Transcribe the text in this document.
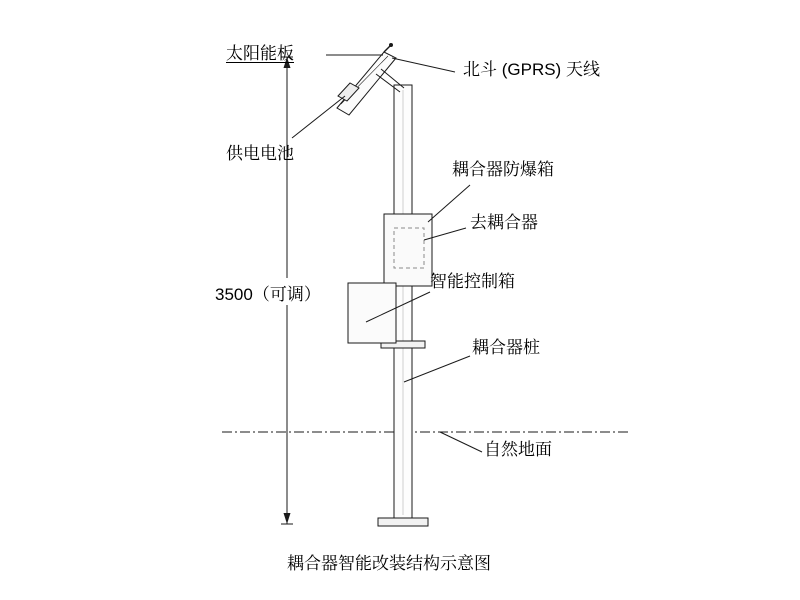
太阳能板
北斗 (GPRS) 天线
供电电池
耦合器防爆箱
去耦合器
智能控制箱
耦合器桩
自然地面
3500（可调）
耦合器智能改装结构示意图
